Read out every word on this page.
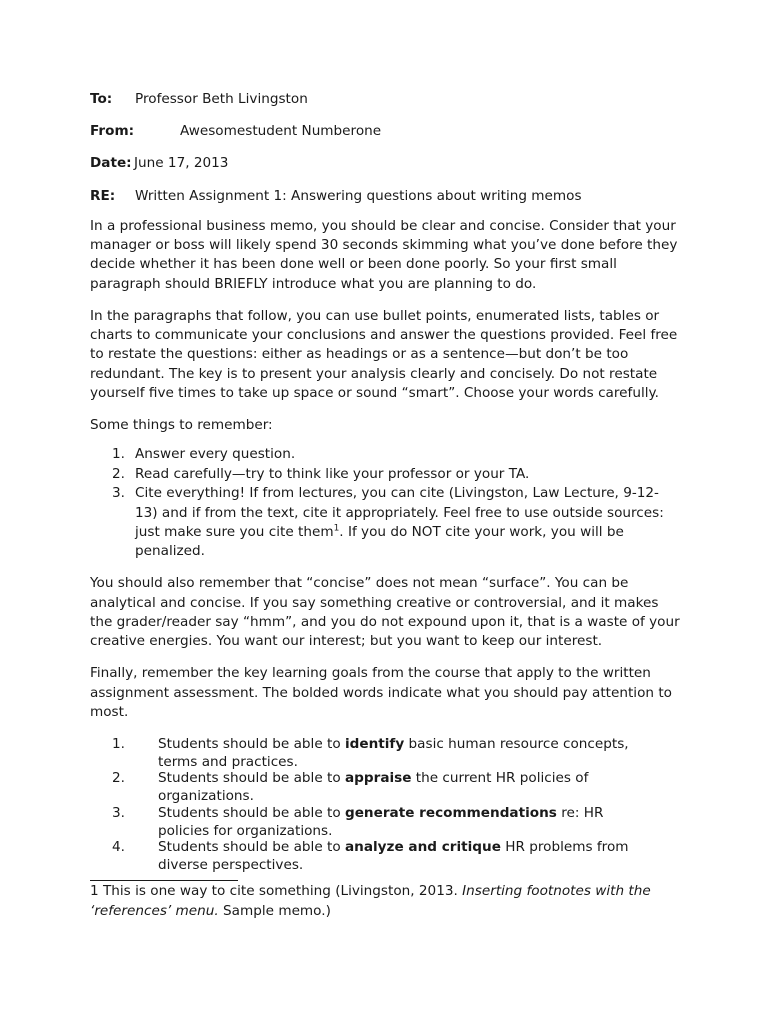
To: Professor Beth Livingston
From:	Awesomestudent Numberone
Date: June 17, 2013
RE: Written Assignment 1: Answering questions about writing memos

In a professional business memo, you should be clear and concise. Consider that your manager or boss will likely spend 30 seconds skimming what you’ve done before they decide whether it has been done well or been done poorly. So your first small paragraph should BRIEFLY introduce what you are planning to do.

In the paragraphs that follow, you can use bullet points, enumerated lists, tables or charts to communicate your conclusions and answer the questions provided. Feel free to restate the questions: either as headings or as a sentence—but don’t be too redundant. The key is to present your analysis clearly and concisely. Do not restate yourself five times to take up space or sound “smart”. Choose your words carefully.

Some things to remember:

1. Answer every question.
2. Read carefully—try to think like your professor or your TA.
3. Cite everything! If from lectures, you can cite (Livingston, Law Lecture, 9-12-13) and if from the text, cite it appropriately. Feel free to use outside sources: just make sure you cite them$^1$. If you do NOT cite your work, you will be penalized.

You should also remember that “concise” does not mean “surface”. You can be analytical and concise. If you say something creative or controversial, and it makes the grader/reader say “hmm”, and you do not expound upon it, that is a waste of your creative energies. You want our interest; but you want to keep our interest.

Finally, remember the key learning goals from the course that apply to the written assignment assessment. The bolded words indicate what you should pay attention to most.

1. Students should be able to identify basic human resource concepts, terms and practices.
2. Students should be able to appraise the current HR policies of organizations.
3. Students should be able to generate recommendations re: HR policies for organizations.
4. Students should be able to analyze and critique HR problems from diverse perspectives.
1 This is one way to cite something (Livingston, 2013. Inserting footnotes with the ‘references’ menu. Sample memo.)
